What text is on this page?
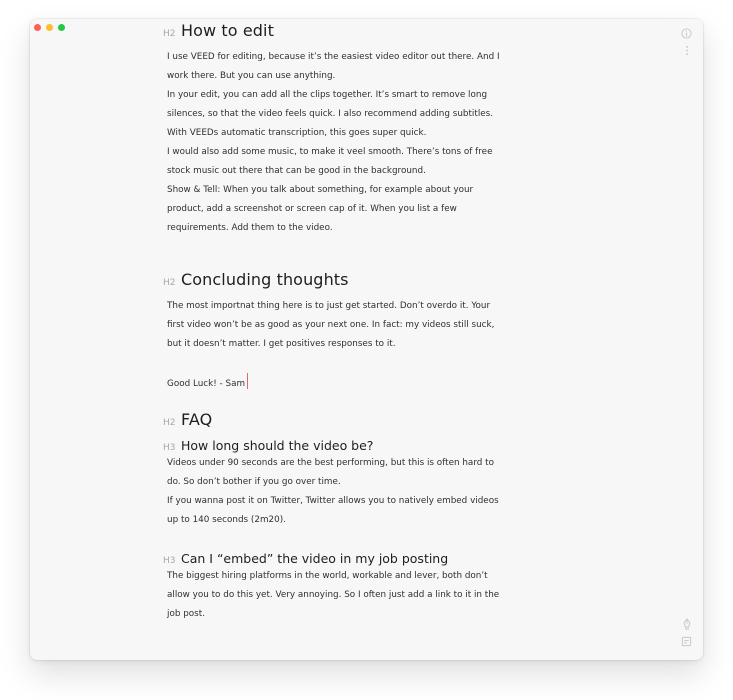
H2 How to edit
I use VEED for editing, because it’s the easiest video editor out there. And I
work there. But you can use anything.
In your edit, you can add all the clips together. It’s smart to remove long
silences, so that the video feels quick. I also recommend adding subtitles.
With VEEDs automatic transcription, this goes super quick.
I would also add some music, to make it veel smooth. There’s tons of free
stock music out there that can be good in the background.
Show & Tell: When you talk about something, for example about your
product, add a screenshot or screen cap of it. When you list a few
requirements. Add them to the video.
H2 Concluding thoughts
The most importnat thing here is to just get started. Don’t overdo it. Your
first video won’t be as good as your next one. In fact: my videos still suck,
but it doesn’t matter. I get positives responses to it.
Good Luck! - Sam
H2 FAQ
H3 How long should the video be?
Videos under 90 seconds are the best performing, but this is often hard to
do. So don’t bother if you go over time.
If you wanna post it on Twitter, Twitter allows you to natively embed videos
up to 140 seconds (2m20).
H3 Can I “embed” the video in my job posting
The biggest hiring platforms in the world, workable and lever, both don’t
allow you to do this yet. Very annoying. So I often just add a link to it in the
job post.
